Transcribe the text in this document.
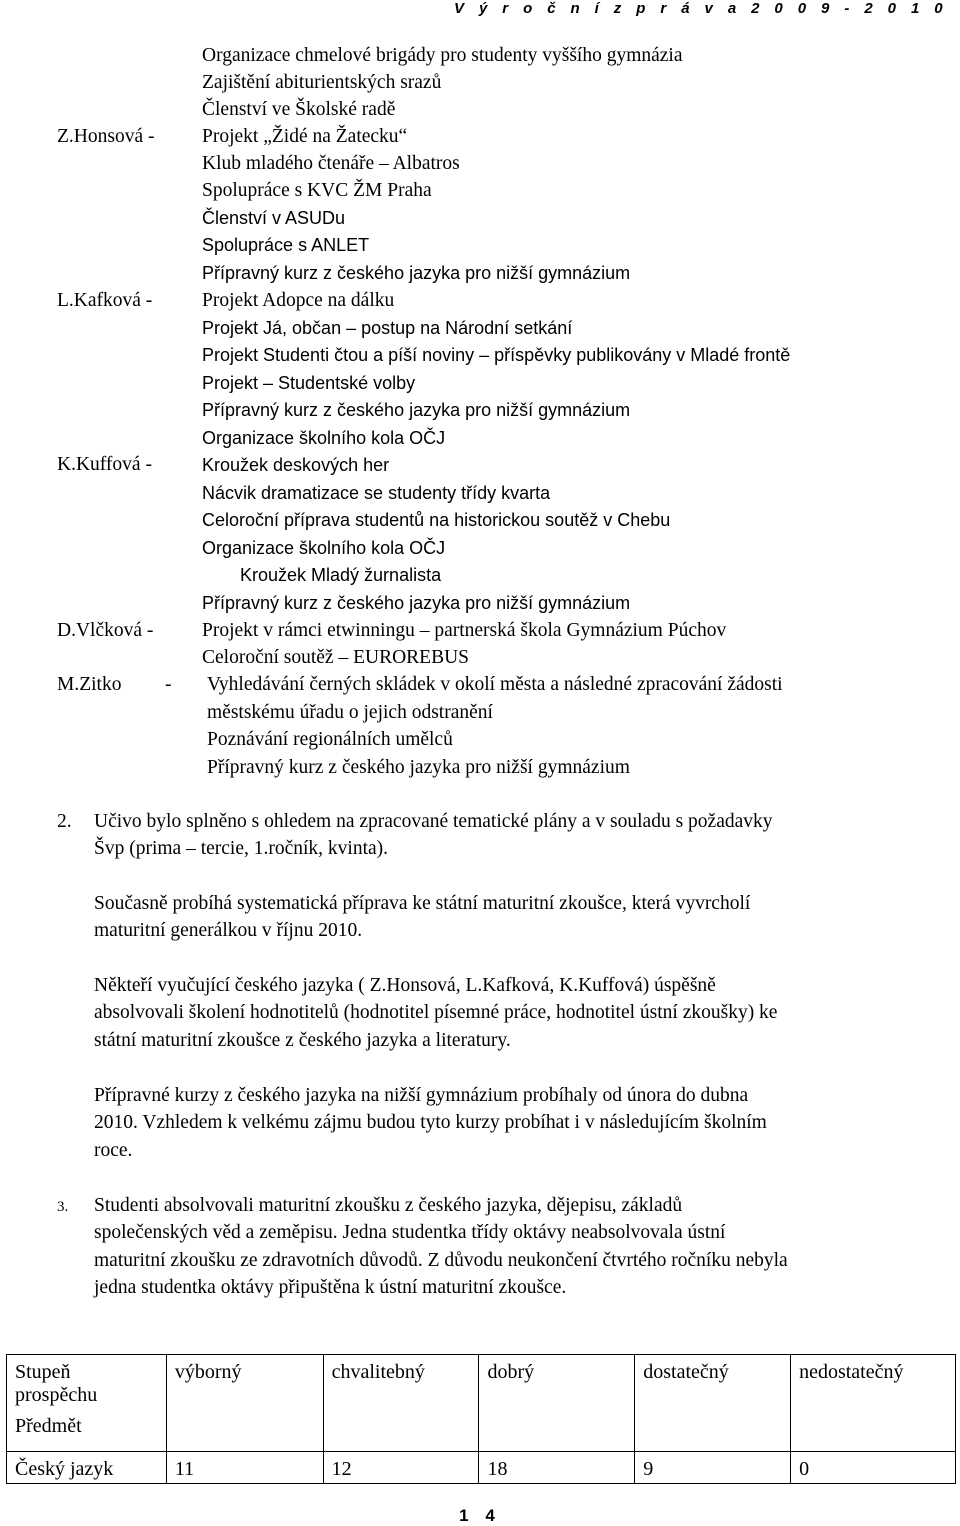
V ý r o č n í z p r á v a 2 0 0 9 - 2 0 1 0
Organizace chmelové brigády pro studenty vyššího gymnázia
Zajištění abiturientských srazů
Členství ve Školské radě
Z.Honsová - Projekt „Židé na Žatecku“
Klub mladého čtenáře – Albatros
Spolupráce s KVC ŽM Praha
Členství v ASUDu
Spolupráce s ANLET
Přípravný kurz z českého jazyka pro nižší gymnázium
L.Kafková -	Projekt Adopce na dálku
Projekt Já, občan – postup na Národní setkání
Projekt Studenti čtou a píší noviny – příspěvky publikovány v Mladé frontě
Projekt – Studentské volby
Přípravný kurz z českého jazyka pro nižší gymnázium
Organizace školního kola OČJ
K.Kuffová -	Kroužek deskových her
Nácvik dramatizace se studenty třídy kvarta
Celoroční příprava studentů na historickou soutěž v Chebu
Organizace školního kola OČJ
Kroužek Mladý žurnalista
Přípravný kurz z českého jazyka pro nižší gymnázium
D.Vlčková - Projekt v rámci etwinningu – partnerská škola Gymnázium Púchov
Celoroční soutěž – EUROREBUS
M.Zitko - Vyhledávání černých skládek v okolí města a následné zpracování žádosti
městskému úřadu o jejich odstranění
Poznávání regionálních umělců
Přípravný kurz z českého jazyka pro nižší gymnázium
2. Učivo bylo splněno s ohledem na zpracované tematické plány a v souladu s požadavky
Švp (prima – tercie, 1.ročník, kvinta).
Současně probíhá systematická příprava ke státní maturitní zkoušce, která vyvrcholí
maturitní generálkou v říjnu 2010.
Někteří vyučující českého jazyka ( Z.Honsová, L.Kafková, K.Kuffová) úspěšně
absolvovali školení hodnotitelů (hodnotitel písemné práce, hodnotitel ústní zkoušky) ke
státní maturitní zkoušce z českého jazyka a literatury.
Přípravné kurzy z českého jazyka na nižší gymnázium probíhaly od února do dubna
2010. Vzhledem k velkému zájmu budou tyto kurzy probíhat i v následujícím školním
roce.
3. Studenti absolvovali maturitní zkoušku z českého jazyka, dějepisu, základů
společenských věd a zeměpisu. Jedna studentka třídy oktávy neabsolvovala ústní
maturitní zkoušku ze zdravotních důvodů. Z důvodu neukončení čtvrtého ročníku nebyla
jedna studentka oktávy připuštěna k ústní maturitní zkoušce.
Stupeň
prospěchu
Předmět	výborný	chvalitebný	dobrý	dostatečný	nedostatečný
Český jazyk	11	12	18	9	0
1 4
